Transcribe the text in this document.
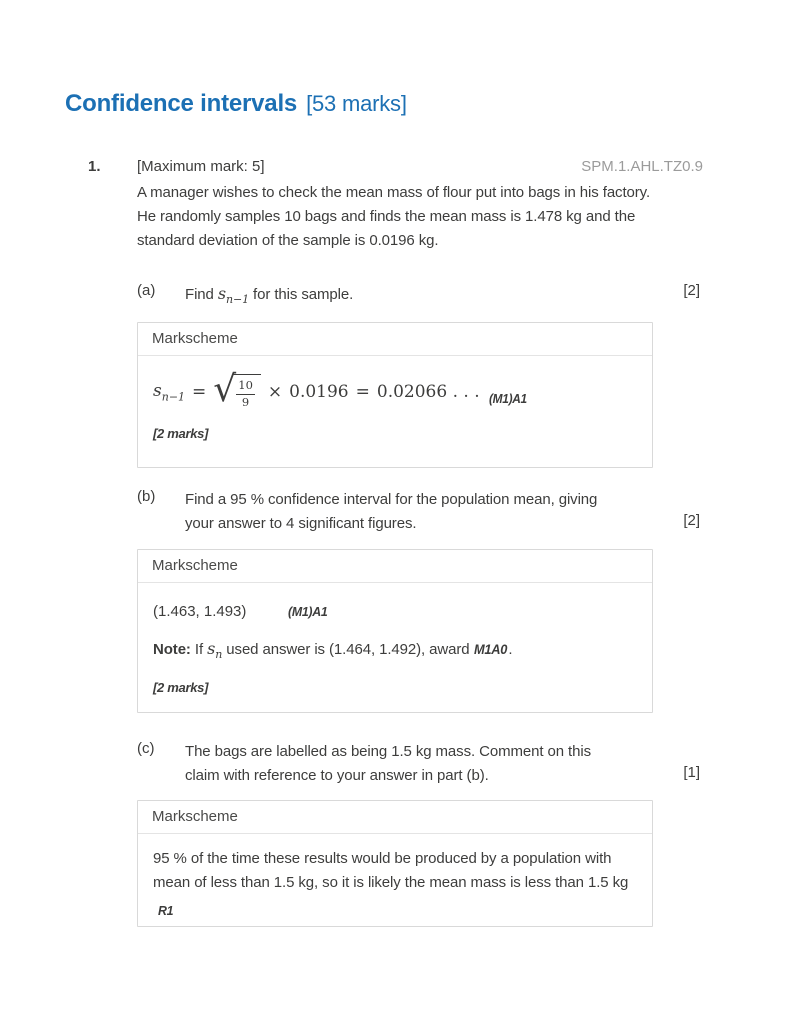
Confidence intervals [53 marks]
1. [Maximum mark: 5]	SPM.1.AHL.TZ0.9
A manager wishes to check the mean mass of flour put into bags in his factory.
He randomly samples 10 bags and finds the mean mass is 1.478 kg and the
standard deviation of the sample is 0.0196 kg.
(a) Find $s_{n-1}$ for this sample.	[2]
Markscheme
$s_{n-1}$ = √ $\frac{10}{9} \times 0.0196 = 0.02066$ . . . (M1)A1
[2 marks]
(b) Find a 95 % confidence interval for the population mean, giving
your answer to 4 significant figures.	[2]
Markscheme
(1.463, 1.493)	(M1)A1
Note: If $s_n$ used answer is (1.464, 1.492), award M1A0 .
[2 marks]
(c) The bags are labelled as being 1.5 kg mass. Comment on this
claim with reference to your answer in part (b).	[1]
Markscheme
95 % of the time these results would be produced by a population with
mean of less than 1.5 kg, so it is likely the mean mass is less than 1.5 kg
R1
